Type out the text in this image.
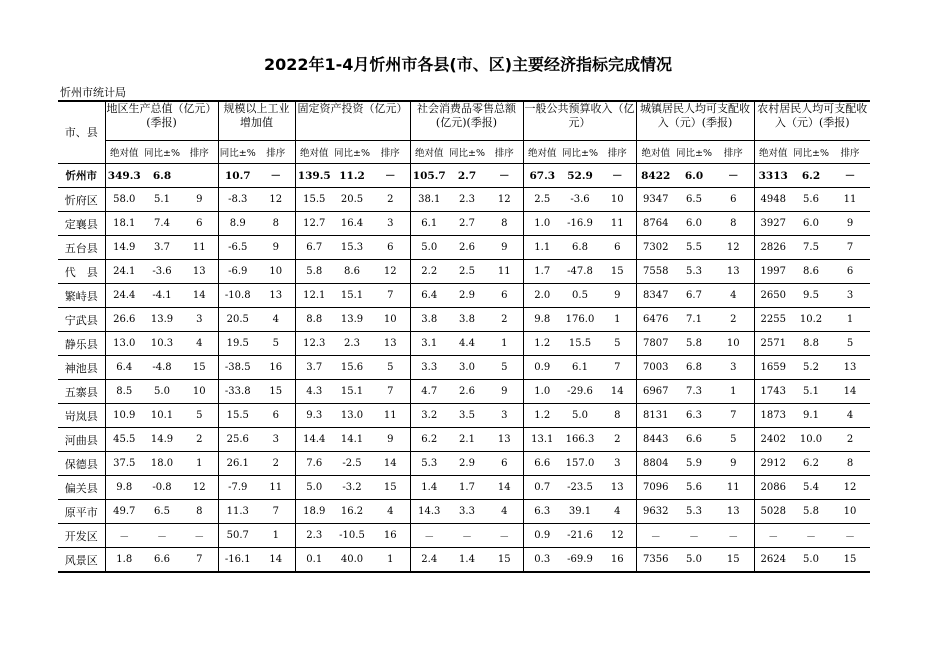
2022年1-4月忻州市各县(市、区)主要经济指标完成情况
忻州市统计局
市、县	地区生产总值（亿元）(季报)			规模以上工业增加值		固定资产投资（亿元）			社会消费品零售总额(亿元)(季报)			一般公共预算收入（亿元）			城镇居民人均可支配收入（元）(季报)			农村居民人均可支配收入（元）(季报)		

	绝对值	同比±%	排序	同比±%	排序	绝对值	同比±%	排序	绝对值	同比±%	排序	绝对值	同比±%	排序	绝对值	同比±%	排序	绝对值	同比±%	排序
忻州市	349.3	6.8		10.7	－	139.5	11.2	－	105.7	2.7	－	67.3	52.9	－	8422	6.0	－	3313	6.2	－
忻府区	58.0	5.1	9	-8.3	12	15.5	20.5	2	38.1	2.3	12	2.5	-3.6	10	9347	6.5	6	4948	5.6	11
定襄县	18.1	7.4	6	8.9	8	12.7	16.4	3	6.1	2.7	8	1.0	-16.9	11	8764	6.0	8	3927	6.0	9
五台县	14.9	3.7	11	-6.5	9	6.7	15.3	6	5.0	2.6	9	1.1	6.8	6	7302	5.5	12	2826	7.5	7
代　县	24.1	-3.6	13	-6.9	10	5.8	8.6	12	2.2	2.5	11	1.7	-47.8	15	7558	5.3	13	1997	8.6	6
繁峙县	24.4	-4.1	14	-10.8	13	12.1	15.1	7	6.4	2.9	6	2.0	0.5	9	8347	6.7	4	2650	9.5	3
宁武县	26.6	13.9	3	20.5	4	8.8	13.9	10	3.8	3.8	2	9.8	176.0	1	6476	7.1	2	2255	10.2	1
静乐县	13.0	10.3	4	19.5	5	12.3	2.3	13	3.1	4.4	1	1.2	15.5	5	7807	5.8	10	2571	8.8	5
神池县	6.4	-4.8	15	-38.5	16	3.7	15.6	5	3.3	3.0	5	0.9	6.1	7	7003	6.8	3	1659	5.2	13
五寨县	8.5	5.0	10	-33.8	15	4.3	15.1	7	4.7	2.6	9	1.0	-29.6	14	6967	7.3	1	1743	5.1	14
岢岚县	10.9	10.1	5	15.5	6	9.3	13.0	11	3.2	3.5	3	1.2	5.0	8	8131	6.3	7	1873	9.1	4
河曲县	45.5	14.9	2	25.6	3	14.4	14.1	9	6.2	2.1	13	13.1	166.3	2	8443	6.6	5	2402	10.0	2
保德县	37.5	18.0	1	26.1	2	7.6	-2.5	14	5.3	2.9	6	6.6	157.0	3	8804	5.9	9	2912	6.2	8
偏关县	9.8	-0.8	12	-7.9	11	5.0	-3.2	15	1.4	1.7	14	0.7	-23.5	13	7096	5.6	11	2086	5.4	12
原平市	49.7	6.5	8	11.3	7	18.9	16.2	4	14.3	3.3	4	6.3	39.1	4	9632	5.3	13	5028	5.8	10
开发区	－	－	－	50.7	1	2.3	-10.5	16	－	－	－	0.9	-21.6	12	－	－	－	－	－	－
风景区	1.8	6.6	7	-16.1	14	0.1	40.0	1	2.4	1.4	15	0.3	-69.9	16	7356	5.0	15	2624	5.0	15
